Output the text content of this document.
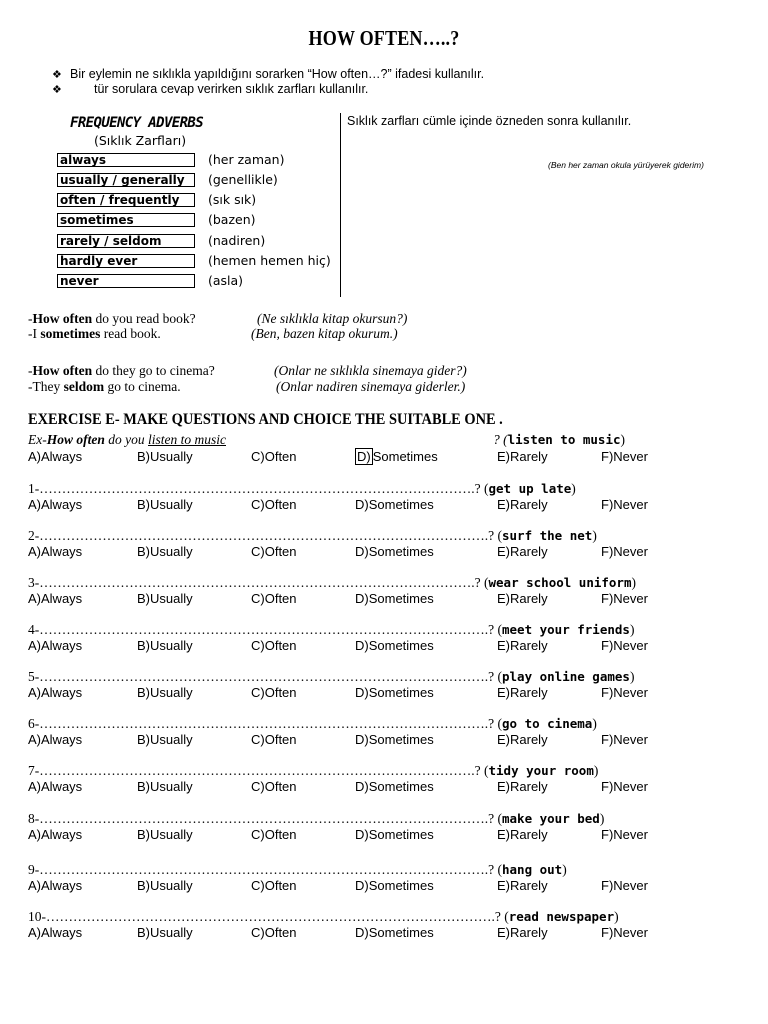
HOW OFTEN…..?
❖ Bir eylemin ne sıklıkla yapıldığını sorarken “How often…?” ifadesi kullanılır.
❖	tür sorulara cevap verirken sıklık zarfları kullanılır.
FREQUENCY ADVERBS
(Sıklık Zarfları)
always	(her zaman)
usually / generally	(genellikle)
often / frequently	(sık sık)
sometimes	(bazen)
rarely / seldom	(nadiren)
hardly ever	(hemen hemen hiç)
never	(asla)
Sıklık zarfları cümle içinde özneden sonra kullanılır.
(Ben her zaman okula yürüyerek giderim)
-How often do you read book?	(Ne sıklıkla kitap okursun?)
-I sometimes read book.	(Ben, bazen kitap okurum.)
-How often do they go to cinema?	(Onlar ne sıklıkla sinemaya gider?)
-They seldom go to cinema.	(Onlar nadiren sinemaya giderler.)
EXERCISE E- MAKE QUESTIONS AND CHOICE THE SUITABLE ONE .
Ex-How often do you listen to music	? (listen to music)
A)Always	B)Usually	C)Often	D) Sometimes	E)Rarely	F)Never
1-…………………………………………………………………………………….? (get up late)
A)Always	B)Usually	C)Often	D)Sometimes	E)Rarely	F)Never
2-……………………………………………………………………………………….? (surf the net)
A)Always	B)Usually	C)Often	D)Sometimes	E)Rarely	F)Never
3-…………………………………………………………………………………….? (wear school uniform)
A)Always	B)Usually	C)Often	D)Sometimes	E)Rarely	F)Never
4-……………………………………………………………………………………….? (meet your friends)
A)Always	B)Usually	C)Often	D)Sometimes	E)Rarely	F)Never
5-……………………………………………………………………………………….? (play online games)
A)Always	B)Usually	C)Often	D)Sometimes	E)Rarely	F)Never
6-……………………………………………………………………………………….? (go to cinema)
A)Always	B)Usually	C)Often	D)Sometimes	E)Rarely	F)Never
7-…………………………………………………………………………………….? (tidy your room)
A)Always	B)Usually	C)Often	D)Sometimes	E)Rarely	F)Never
8-……………………………………………………………………………………….? (make your bed)
A)Always	B)Usually	C)Often	D)Sometimes	E)Rarely	F)Never
9-……………………………………………………………………………………….? (hang out)
A)Always	B)Usually	C)Often	D)Sometimes	E)Rarely	F)Never
10-……………………………………………………………………………………….? (read newspaper)
A)Always	B)Usually	C)Often	D)Sometimes	E)Rarely	F)Never
